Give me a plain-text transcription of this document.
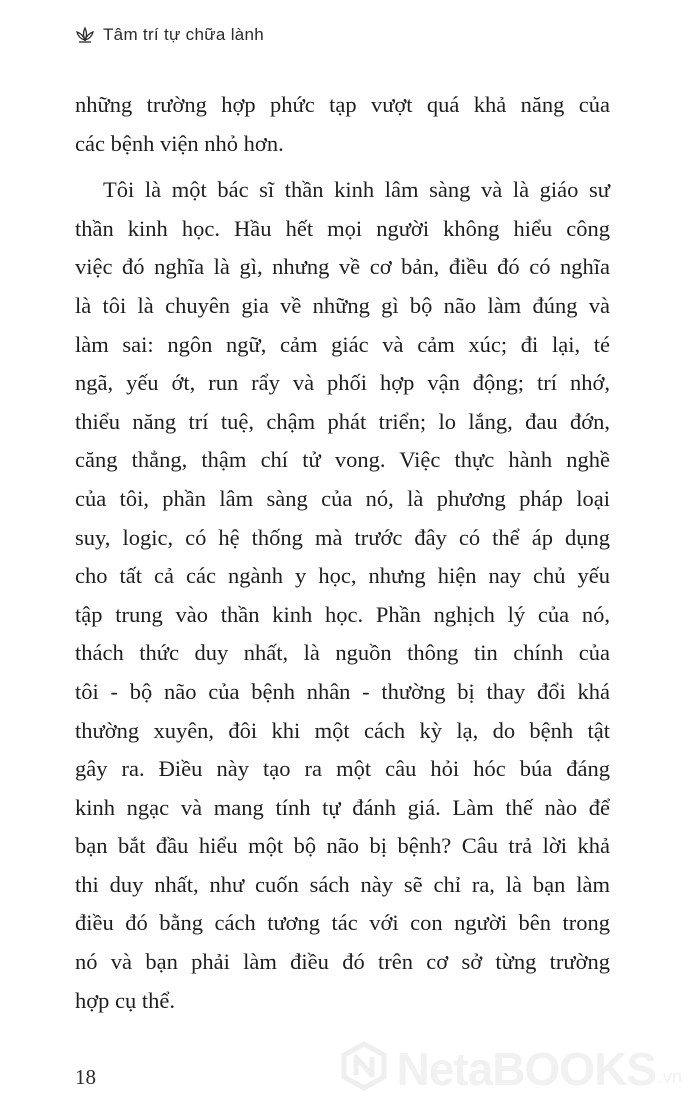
Tâm trí tự chữa lành

những trường hợp phức tạp vượt quá khả năng của
các bệnh viện nhỏ hơn.

Tôi là một bác sĩ thần kinh lâm sàng và là giáo sư
thần kinh học. Hầu hết mọi người không hiểu công
việc đó nghĩa là gì, nhưng về cơ bản, điều đó có nghĩa
là tôi là chuyên gia về những gì bộ não làm đúng và
làm sai: ngôn ngữ, cảm giác và cảm xúc; đi lại, té
ngã, yếu ớt, run rẩy và phối hợp vận động; trí nhớ,
thiểu năng trí tuệ, chậm phát triển; lo lắng, đau đớn,
căng thẳng, thậm chí tử vong. Việc thực hành nghề
của tôi, phần lâm sàng của nó, là phương pháp loại
suy, logic, có hệ thống mà trước đây có thể áp dụng
cho tất cả các ngành y học, nhưng hiện nay chủ yếu
tập trung vào thần kinh học. Phần nghịch lý của nó,
thách thức duy nhất, là nguồn thông tin chính của
tôi - bộ não của bệnh nhân - thường bị thay đổi khá
thường xuyên, đôi khi một cách kỳ lạ, do bệnh tật
gây ra. Điều này tạo ra một câu hỏi hóc búa đáng
kinh ngạc và mang tính tự đánh giá. Làm thế nào để
bạn bắt đầu hiểu một bộ não bị bệnh? Câu trả lời khả
thi duy nhất, như cuốn sách này sẽ chỉ ra, là bạn làm
điều đó bằng cách tương tác với con người bên trong
nó và bạn phải làm điều đó trên cơ sở từng trường
hợp cụ thể.

18	NetaBOOKS .vn
